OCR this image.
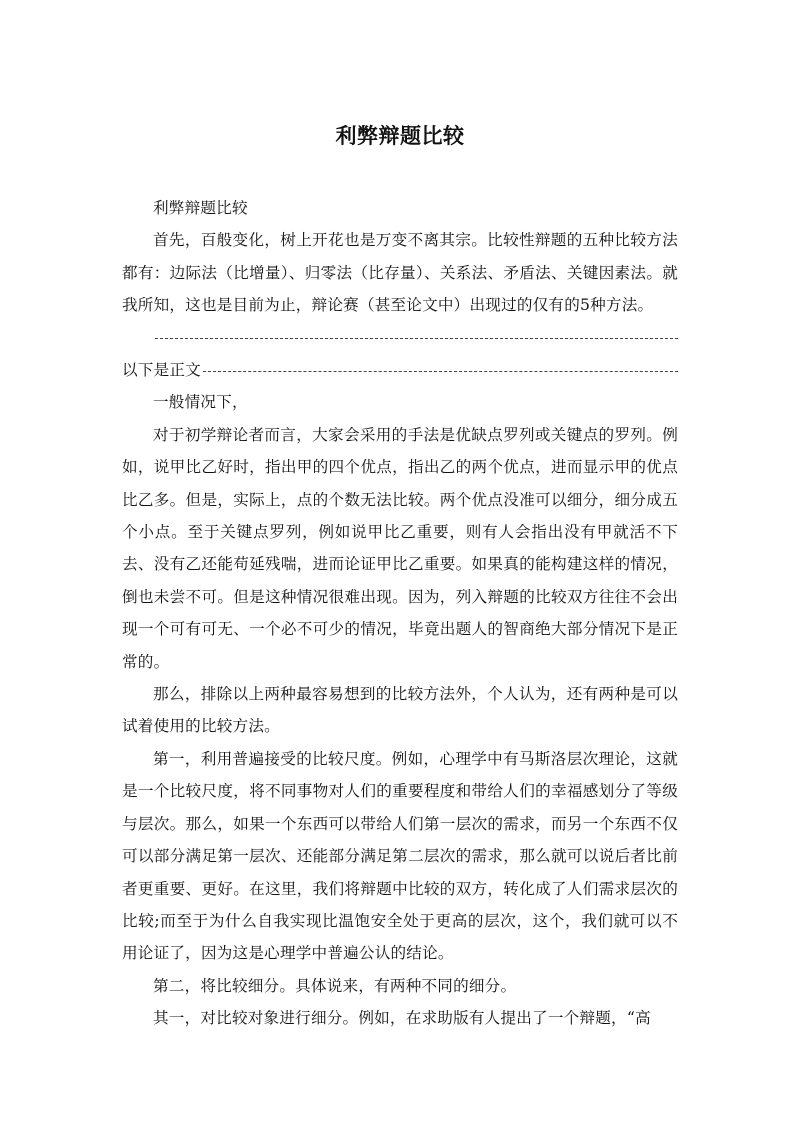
利弊辩题比较

利弊辩题比较

首先，百般变化，树上开花也是万变不离其宗。比较性辩题的五种比较方法都有：边际法（比增量）、归零法（比存量）、关系法、矛盾法、关键因素法。就我所知，这也是目前为止，辩论赛（甚至论文中）出现过的仅有的5种方法。

以下是正文

一般情况下，

对于初学辩论者而言，大家会采用的手法是优缺点罗列或关键点的罗列。例如，说甲比乙好时，指出甲的四个优点，指出乙的两个优点，进而显示甲的优点比乙多。但是，实际上，点的个数无法比较。两个优点没准可以细分，细分成五个小点。至于关键点罗列，例如说甲比乙重要，则有人会指出没有甲就活不下去、没有乙还能苟延残喘，进而论证甲比乙重要。如果真的能构建这样的情况，倒也未尝不可。但是这种情况很难出现。因为，列入辩题的比较双方往往不会出现一个可有可无、一个必不可少的情况，毕竟出题人的智商绝大部分情况下是正常的。

那么，排除以上两种最容易想到的比较方法外，个人认为，还有两种是可以试着使用的比较方法。

第一，利用普遍接受的比较尺度。例如，心理学中有马斯洛层次理论，这就是一个比较尺度，将不同事物对人们的重要程度和带给人们的幸福感划分了等级与层次。那么，如果一个东西可以带给人们第一层次的需求，而另一个东西不仅可以部分满足第一层次、还能部分满足第二层次的需求，那么就可以说后者比前者更重要、更好。在这里，我们将辩题中比较的双方，转化成了人们需求层次的比较;而至于为什么自我实现比温饱安全处于更高的层次，这个，我们就可以不用论证了，因为这是心理学中普遍公认的结论。

第二，将比较细分。具体说来，有两种不同的细分。

其一，对比较对象进行细分。例如，在求助版有人提出了一个辩题，“高
